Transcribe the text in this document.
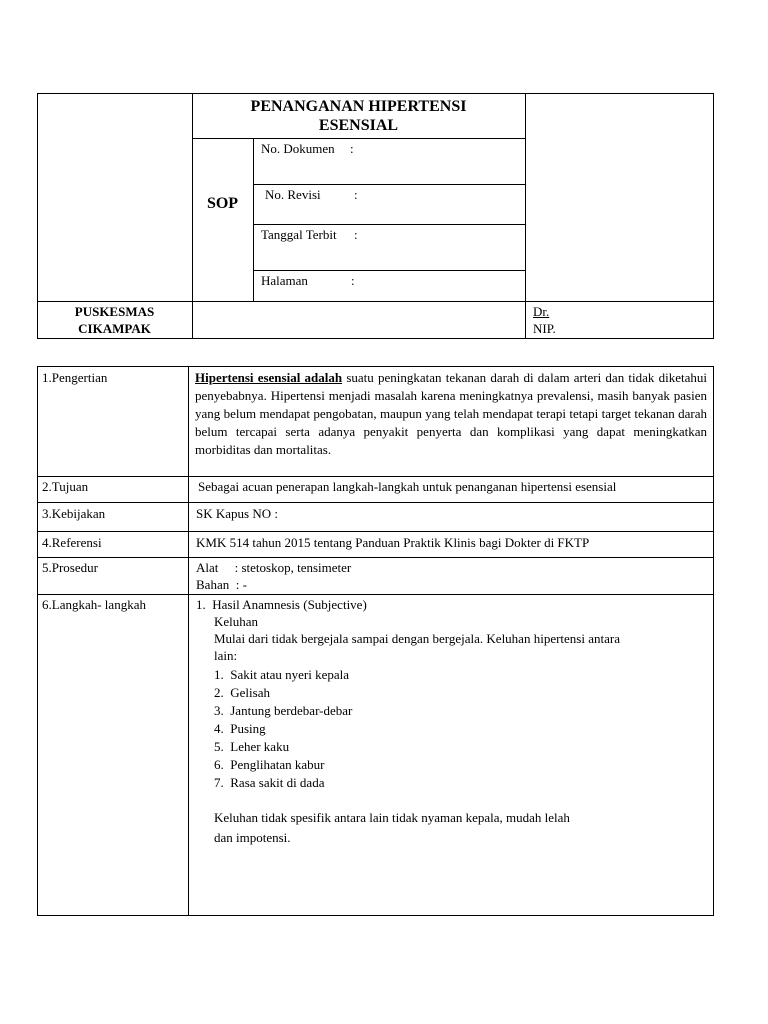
PENANGANAN HIPERTENSI
ESENSIAL
SOP
No. Dokumen :
No. Revisi	:
Tanggal Terbit :
Halaman	:
PUSKESMAS
CIKAMPAK
Dr.
NIP.
1.Pengertian	Hipertensi esensial adalah suatu peningkatan tekanan darah di dalam arteri dan tidak diketahui penyebabnya. Hipertensi menjadi masalah karena meningkatnya prevalensi, masih banyak pasien yang belum mendapat pengobatan, maupun yang telah mendapat terapi tetapi target tekanan darah belum tercapai serta adanya penyakit penyerta dan komplikasi yang dapat meningkatkan morbiditas dan mortalitas.
2.Tujuan	Sebagai acuan penerapan langkah-langkah untuk penanganan hipertensi esensial
3.Kebijakan	SK Kapus NO :
4.Referensi	KMK 514 tahun 2015 tentang Panduan Praktik Klinis bagi Dokter di FKTP
5.Prosedur	Alat     : stetoskop, tensimeter
Bahan  : -
6.Langkah- langkah	1.  Hasil Anamnesis (Subjective)
Keluhan
Mulai dari tidak bergejala sampai dengan bergejala. Keluhan hipertensi antara
lain:
1.  Sakit atau nyeri kepala
2.  Gelisah
3.  Jantung berdebar-debar
4.  Pusing
5.  Leher kaku
6.  Penglihatan kabur
7.  Rasa sakit di dada
Keluhan tidak spesifik antara lain tidak nyaman kepala, mudah lelah
dan impotensi.
